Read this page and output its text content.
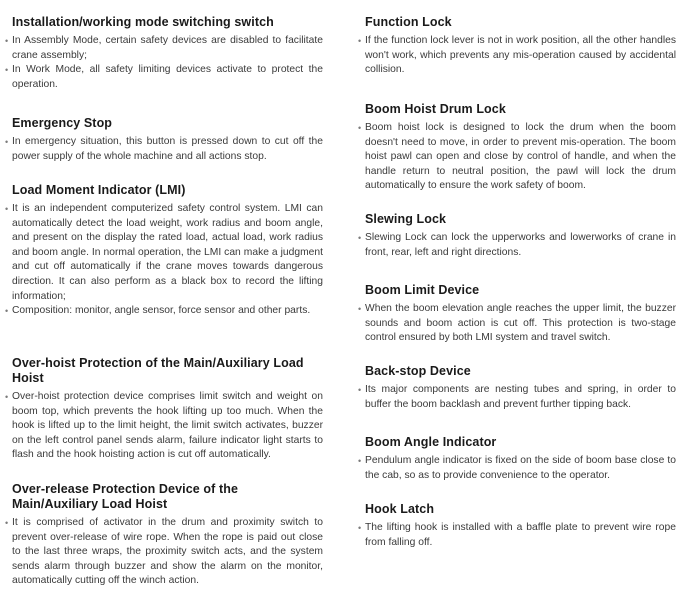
Installation/working mode switching switch
• In Assembly Mode, certain safety devices are disabled to facilitate crane assembly;
• In Work Mode, all safety limiting devices activate to protect the operation.
Emergency Stop
• In emergency situation, this button is pressed down to cut off the power supply of the whole machine and all actions stop.
Load Moment Indicator (LMI)
• It is an independent computerized safety control system. LMI can automatically detect the load weight, work radius and boom angle, and present on the display the rated load, actual load, work radius and boom angle. In normal operation, the LMI can make a judgment and cut off automatically if the crane moves towards dangerous direction. It can also perform as a black box to record the lifting information;
• Composition: monitor, angle sensor, force sensor and other parts.
Over-hoist Protection of the Main/Auxiliary Load Hoist
• Over-hoist protection device comprises limit switch and weight on boom top, which prevents the hook lifting up too much. When the hook is lifted up to the limit height, the limit switch activates, buzzer on the left control panel sends alarm, failure indicator light starts to flash and the hook hoisting action is cut off automatically.
Over-release Protection Device of the Main/Auxiliary Load Hoist
• It is comprised of activator in the drum and proximity switch to prevent over-release of wire rope. When the rope is paid out close to the last three wraps, the proximity switch acts, and the system sends alarm through buzzer and show the alarm on the monitor, automatically cutting off the winch action.
Function Lock
• If the function lock lever is not in work position, all the other handles won't work, which prevents any mis-operation caused by accidental collision.
Boom Hoist Drum Lock
• Boom hoist lock is designed to lock the drum when the boom doesn't need to move, in order to prevent mis-operation. The boom hoist pawl can open and close by control of handle, and when the handle return to neutral position, the pawl will lock the drum automatically to ensure the work safety of boom.
Slewing Lock
• Slewing Lock can lock the upperworks and lowerworks of crane in front, rear, left and right directions.
Boom Limit Device
• When the boom elevation angle reaches the upper limit, the buzzer sounds and boom action is cut off. This protection is two-stage control ensured by both LMI system and travel switch.
Back-stop Device
• Its major components are nesting tubes and spring, in order to buffer the boom backlash and prevent further tipping back.
Boom Angle Indicator
• Pendulum angle indicator is fixed on the side of boom base close to the cab, so as to provide convenience to the operator.
Hook Latch
• The lifting hook is installed with a baffle plate to prevent wire rope from falling off.
